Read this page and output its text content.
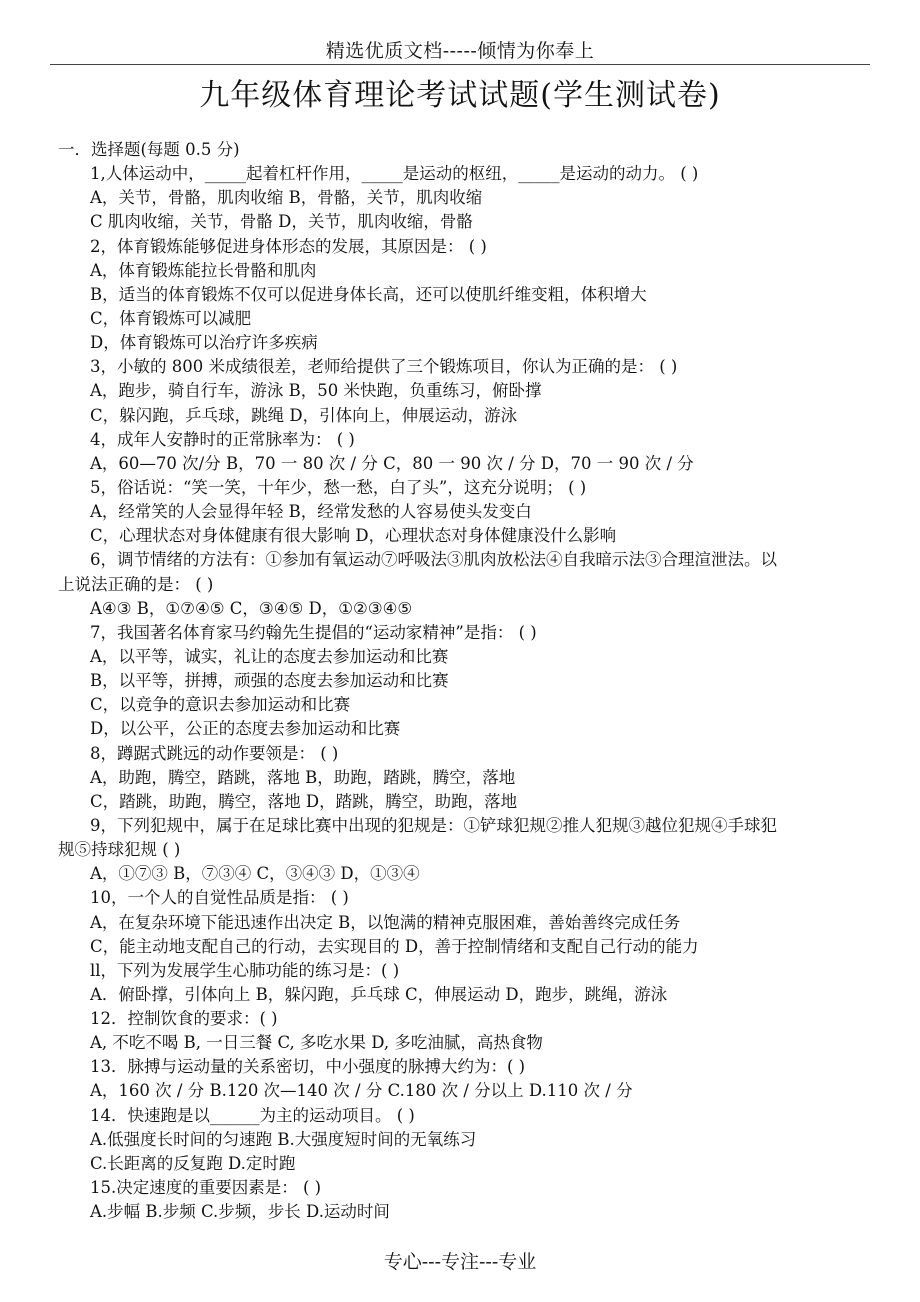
精选优质文档-----倾情为你奉上
九年级体育理论考试试题(学生测试卷)
一．选择题(每题 0.5 分)
1,人体运动中，_____起着杠杆作用，_____是运动的枢纽，_____是运动的动力。 ( )
A，关节，骨骼，肌肉收缩 B，骨骼，关节，肌肉收缩
C 肌肉收缩，关节，骨骼 D，关节，肌肉收缩，骨骼
2，体育锻炼能够促进身体形态的发展，其原因是： ( )
A，体育锻炼能拉长骨骼和肌肉
B，适当的体育锻炼不仅可以促进身体长高，还可以使肌纤维变粗，体积增大
C，体育锻炼可以减肥
D，体育锻炼可以治疗许多疾病
3，小敏的 800 米成绩很差，老师给提供了三个锻炼项目，你认为正确的是： ( )
A，跑步，骑自行车，游泳 B，50 米快跑，负重练习，俯卧撑
C，躲闪跑，乒乓球，跳绳 D，引体向上，伸展运动，游泳
4，成年人安静时的正常脉率为： ( )
A，60—70 次/分 B，70 一 80 次 / 分 C，80 一 90 次 / 分 D，70 一 90 次 / 分
5，俗话说：“笑一笑，十年少，愁一愁，白了头”，这充分说明； ( )
A，经常笑的人会显得年轻 B，经常发愁的人容易使头发变白
C，心理状态对身体健康有很大影响 D，心理状态对身体健康没什么影响
6，调节情绪的方法有：①参加有氧运动⑦呼吸法③肌肉放松法④自我暗示法③合理渲泄法。以
上说法正确的是： ( )
A④③ B，①⑦④⑤ C，③④⑤ D，①②③④⑤
7，我国著名体育家马约翰先生提倡的“运动家精神”是指： ( )
A，以平等，诚实，礼让的态度去参加运动和比赛
B，以平等，拼搏，顽强的态度去参加运动和比赛
C，以竞争的意识去参加运动和比赛
D，以公平，公正的态度去参加运动和比赛
8，蹲踞式跳远的动作要领是： ( )
A，助跑，腾空，踏跳，落地 B，助跑，踏跳，腾空，落地
C，踏跳，助跑，腾空，落地 D，踏跳，腾空，助跑，落地
9，下列犯规中，属于在足球比赛中出现的犯规是：①铲球犯规②推人犯规③越位犯规④手球犯
规⑤持球犯规 ( )
A，①⑦③ B，⑦③④ C，③④③ D，①③④
10，一个人的自觉性品质是指： ( )
A，在复杂环境下能迅速作出决定 B，以饱满的精神克服困难，善始善终完成任务
C，能主动地支配自己的行动，去实现目的 D，善于控制情绪和支配自己行动的能力
ll，下列为发展学生心肺功能的练习是：( )
A．俯卧撑，引体向上 B，躲闪跑，乒乓球 C，伸展运动 D，跑步，跳绳，游泳
12．控制饮食的要求：( )
A, 不吃不喝 B, 一日三餐 C, 多吃水果 D, 多吃油腻，高热食物
13．脉搏与运动量的关系密切，中小强度的脉搏大约为：( )
A，160 次 / 分 B.120 次—140 次 / 分 C.180 次 / 分以上 D.110 次 / 分
14．快速跑是以______为主的运动项目。 ( )
A.低强度长时间的匀速跑 B.大强度短时间的无氧练习
C.长距离的反复跑 D.定时跑
15.决定速度的重要因素是： ( )
A.步幅 B.步频 C.步频，步长 D.运动时间
专心---专注---专业
